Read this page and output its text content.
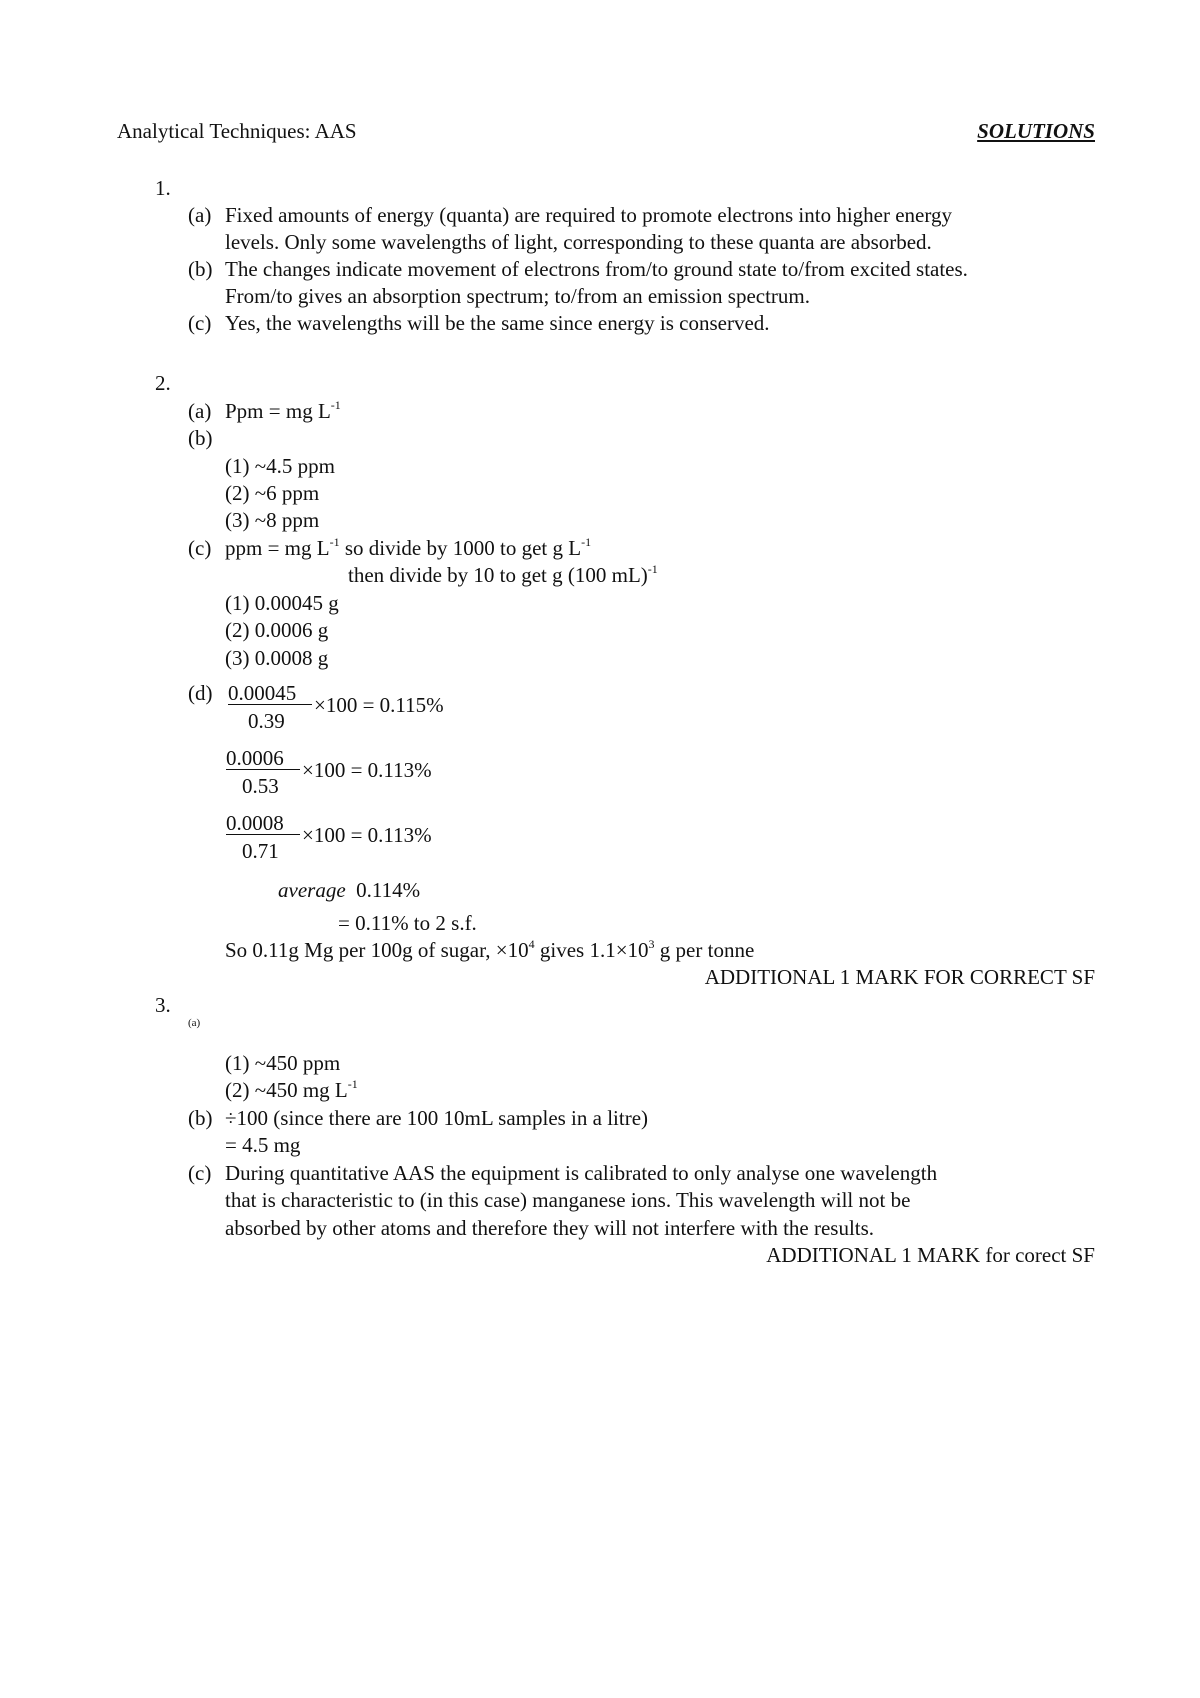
Analytical Techniques: AAS	SOLUTIONS
1.
(a) Fixed amounts of energy (quanta) are required to promote electrons into higher energy
levels. Only some wavelengths of light, corresponding to these quanta are absorbed.
(b) The changes indicate movement of electrons from/to ground state to/from excited states.
From/to gives an absorption spectrum; to/from an emission spectrum.
(c) Yes, the wavelengths will be the same since energy is conserved.
2.
(a) Ppm = mg $L^{-1}$
(b)
(1) ~4.5 ppm
(2) ~6 ppm
(3) ~8 ppm
(c) ppm = mg $L^{-1}$ so divide by 1000 to get g $L^{-1}$
then divide by 10 to get g (100 mL)$^{-1}$
(1) 0.00045 g
(2) 0.0006 g
(3) 0.0008 g
(d) 0.00045
0.39
×100 = 0.115%
0.0006
0.53
×100 = 0.113%
0.0008
0.71
×100 = 0.113%
average 0.114%
= 0.11% to 2 s.f.
So 0.11g Mg per 100g of sugar, $\times 10^4$ gives $1.1\times 10^3$ g per tonne
ADDITIONAL 1 MARK FOR CORRECT SF
3.
(a)
(1) ~450 ppm
(2) ~450 mg $L^{-1}$
(b) ÷100 (since there are 100 10mL samples in a litre)
= 4.5 mg
(c) During quantitative AAS the equipment is calibrated to only analyse one wavelength
that is characteristic to (in this case) manganese ions. This wavelength will not be
absorbed by other atoms and therefore they will not interfere with the results.
ADDITIONAL 1 MARK for corect SF
